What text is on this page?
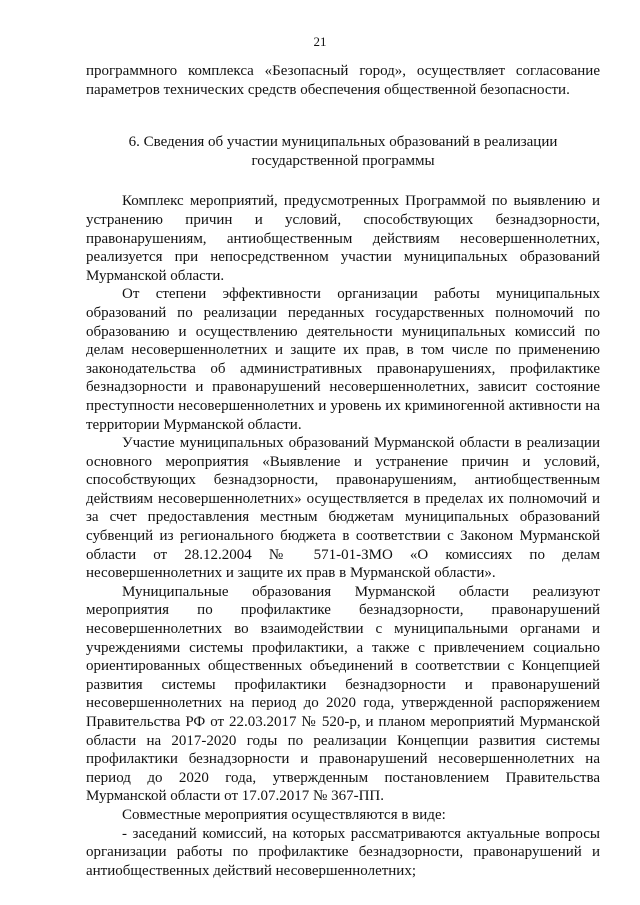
21

программного комплекса «Безопасный город», осуществляет согласование параметров технических средств обеспечения общественной безопасности.

6. Сведения об участии муниципальных образований в реализации государственной программы

Комплекс мероприятий, предусмотренных Программой по выявлению и устранению причин и условий, способствующих безнадзорности, правонарушениям, антиобщественным действиям несовершеннолетних, реализуется при непосредственном участии муниципальных образований Мурманской области.

От степени эффективности организации работы муниципальных образований по реализации переданных государственных полномочий по образованию и осуществлению деятельности муниципальных комиссий по делам несовершеннолетних и защите их прав, в том числе по применению законодательства об административных правонарушениях, профилактике безнадзорности и правонарушений несовершеннолетних, зависит состояние преступности несовершеннолетних и уровень их криминогенной активности на территории Мурманской области.

Участие муниципальных образований Мурманской области в реализации основного мероприятия «Выявление и устранение причин и условий, способствующих безнадзорности, правонарушениям, антиобщественным действиям несовершеннолетних» осуществляется в пределах их полномочий и за счет предоставления местным бюджетам муниципальных образований субвенций из регионального бюджета в соответствии с Законом Мурманской области от 28.12.2004 № 571-01-ЗМО «О комиссиях по делам несовершеннолетних и защите их прав в Мурманской области».

Муниципальные образования Мурманской области реализуют мероприятия по профилактике безнадзорности, правонарушений несовершеннолетних во взаимодействии с муниципальными органами и учреждениями системы профилактики, а также с привлечением социально ориентированных общественных объединений в соответствии с Концепцией развития системы профилактики безнадзорности и правонарушений несовершеннолетних на период до 2020 года, утвержденной распоряжением Правительства РФ от 22.03.2017 № 520-р, и планом мероприятий Мурманской области на 2017-2020 годы по реализации Концепции развития системы профилактики безнадзорности и правонарушений несовершеннолетних на период до 2020 года, утвержденным постановлением Правительства Мурманской области от 17.07.2017 № 367-ПП.

Совместные мероприятия осуществляются в виде:

- заседаний комиссий, на которых рассматриваются актуальные вопросы организации работы по профилактике безнадзорности, правонарушений и антиобщественных действий несовершеннолетних;
